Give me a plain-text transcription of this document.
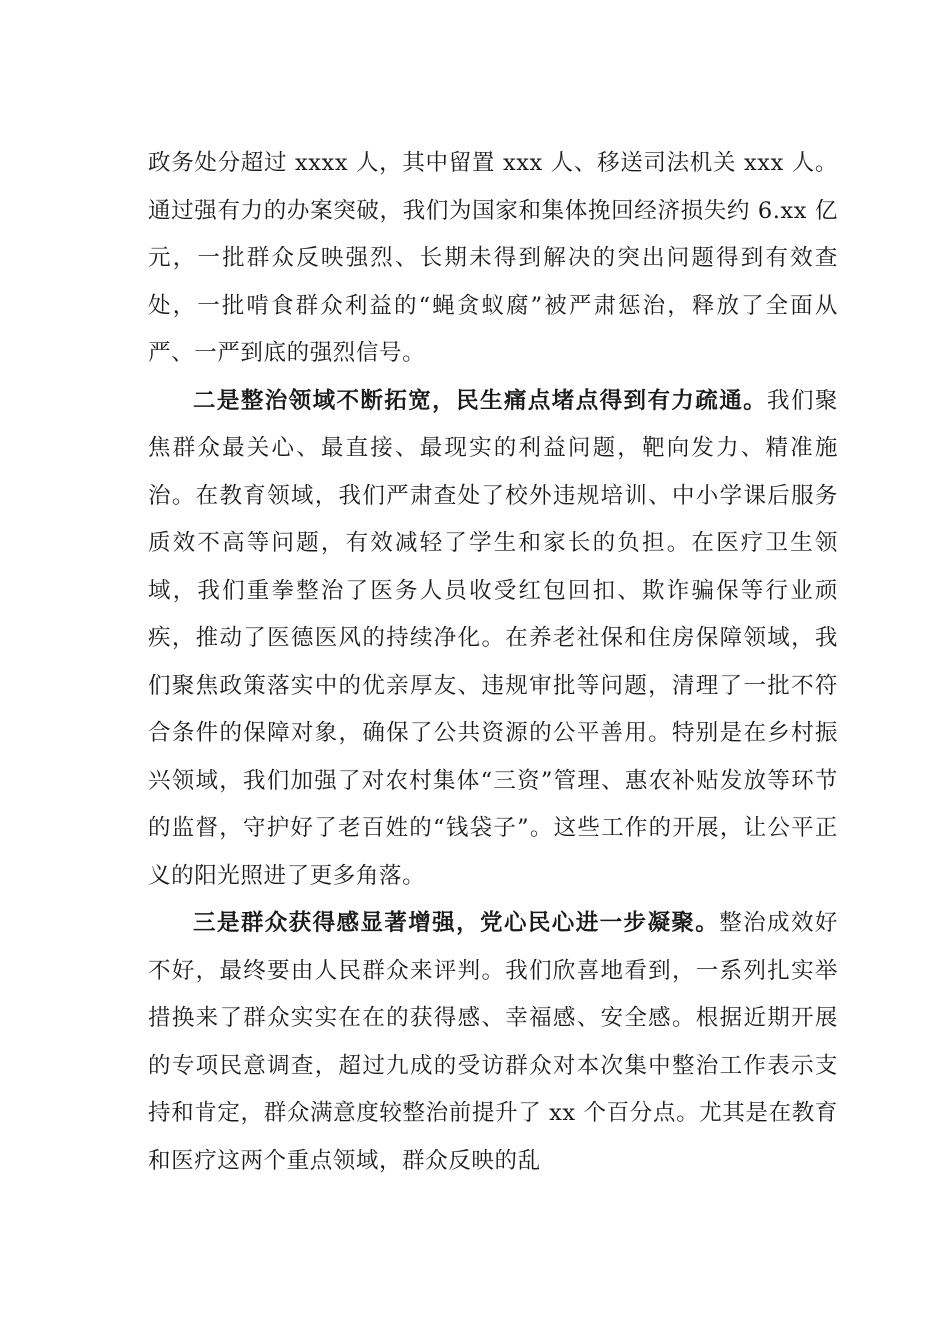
政务处分超过 xxxx 人，其中留置 xxx 人、移送司法机关 xxx 人。通过强有力的办案突破，我们为国家和集体挽回经济损失约 6.xx 亿元，一批群众反映强烈、长期未得到解决的突出问题得到有效查处，一批啃食群众利益的“蝇贪蚁腐”被严肃惩治，释放了全面从严、一严到底的强烈信号。

二是整治领域不断拓宽，民生痛点堵点得到有力疏通。我们聚焦群众最关心、最直接、最现实的利益问题，靶向发力、精准施治。在教育领域，我们严肃查处了校外违规培训、中小学课后服务质效不高等问题，有效减轻了学生和家长的负担。在医疗卫生领域，我们重拳整治了医务人员收受红包回扣、欺诈骗保等行业顽疾，推动了医德医风的持续净化。在养老社保和住房保障领域，我们聚焦政策落实中的优亲厚友、违规审批等问题，清理了一批不符合条件的保障对象，确保了公共资源的公平善用。特别是在乡村振兴领域，我们加强了对农村集体“三资”管理、惠农补贴发放等环节的监督，守护好了老百姓的“钱袋子”。这些工作的开展，让公平正义的阳光照进了更多角落。

三是群众获得感显著增强，党心民心进一步凝聚。整治成效好不好，最终要由人民群众来评判。我们欣喜地看到，一系列扎实举措换来了群众实实在在的获得感、幸福感、安全感。根据近期开展的专项民意调查，超过九成的受访群众对本次集中整治工作表示支持和肯定，群众满意度较整治前提升了 xx 个百分点。尤其是在教育和医疗这两个重点领域，群众反映的乱
